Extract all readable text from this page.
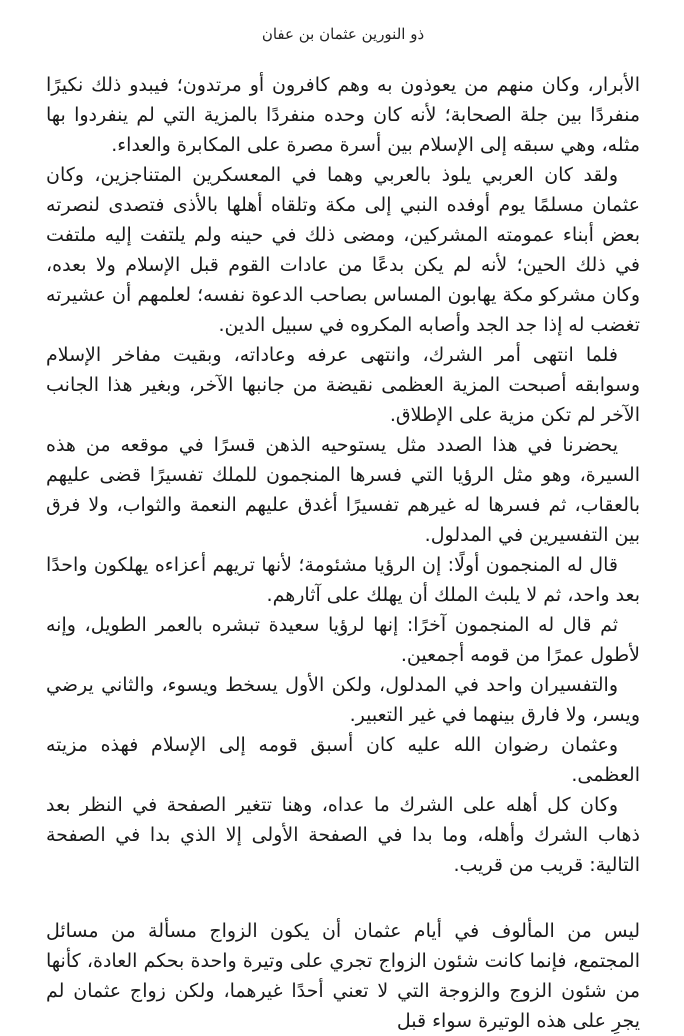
ذو النورين عثمان بن عفان

الأبرار، وكان منهم من يعوذون به وهم كافرون أو مرتدون؛ فيبدو ذلك نكيرًا منفردًا بين جلة الصحابة؛ لأنه كان وحده منفردًا بالمزية التي لم ينفردوا بها مثله، وهي سبقه إلى الإسلام بين أسرة مصرة على المكابرة والعداء.

ولقد كان العربي يلوذ بالعربي وهما في المعسكرين المتناجزين، وكان عثمان مسلمًا يوم أوفده النبي إلى مكة وتلقاه أهلها بالأذى فتصدى لنصرته بعض أبناء عمومته المشركين، ومضى ذلك في حينه ولم يلتفت إليه ملتفت في ذلك الحين؛ لأنه لم يكن بدعًا من عادات القوم قبل الإسلام ولا بعده، وكان مشركو مكة يهابون المساس بصاحب الدعوة نفسه؛ لعلمهم أن عشيرته تغضب له إذا جد الجد وأصابه المكروه في سبيل الدين.

فلما انتهى أمر الشرك، وانتهى عرفه وعاداته، وبقيت مفاخر الإسلام وسوابقه أصبحت المزية العظمى نقيضة من جانبها الآخر، وبغير هذا الجانب الآخر لم تكن مزية على الإطلاق.

يحضرنا في هذا الصدد مثل يستوحيه الذهن قسرًا في موقعه من هذه السيرة، وهو مثل الرؤيا التي فسرها المنجمون للملك تفسيرًا قضى عليهم بالعقاب، ثم فسرها له غيرهم تفسيرًا أغدق عليهم النعمة والثواب، ولا فرق بين التفسيرين في المدلول.

قال له المنجمون أولًا: إن الرؤيا مشئومة؛ لأنها تريهم أعزاءه يهلكون واحدًا بعد واحد، ثم لا يلبث الملك أن يهلك على آثارهم.

ثم قال له المنجمون آخرًا: إنها لرؤيا سعيدة تبشره بالعمر الطويل، وإنه لأطول عمرًا من قومه أجمعين.

والتفسيران واحد في المدلول، ولكن الأول يسخط ويسوء، والثاني يرضي ويسر، ولا فارق بينهما في غير التعبير.

وعثمان رضوان الله عليه كان أسبق قومه إلى الإسلام فهذه مزيته العظمى.

وكان كل أهله على الشرك ما عداه، وهنا تتغير الصفحة في النظر بعد ذهاب الشرك وأهله، وما بدا في الصفحة الأولى إلا الذي بدا في الصفحة التالية: قريب من قريب.

ليس من المألوف في أيام عثمان أن يكون الزواج مسألة من مسائل المجتمع، فإنما كانت شئون الزواج تجري على وتيرة واحدة بحكم العادة، كأنها من شئون الزوج والزوجة التي لا تعني أحدًا غيرهما، ولكن زواج عثمان لم يجرِ على هذه الوتيرة سواء قبل
